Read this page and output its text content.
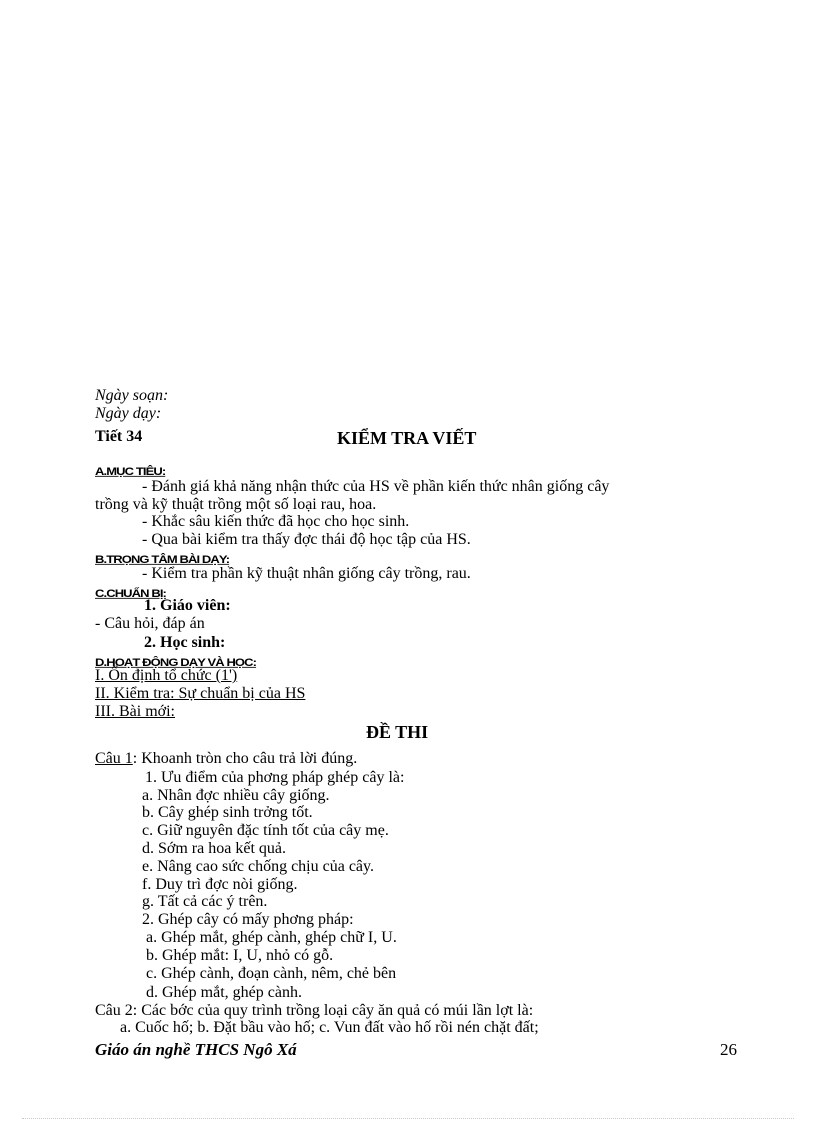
Ngày soạn:
Ngày dạy:
Tiết 34	KIỂM TRA VIẾT
A.MỤC TIÊU:
- Đánh giá khả năng nhận thức của HS về phần kiến thức nhân giống cây
trồng và kỹ thuật trồng một số loại rau, hoa.
- Khắc sâu kiến thức đã học cho học sinh.
- Qua bài kiểm tra thấy đợc thái độ học tập của HS.
B.TRỌNG TÂM BÀI DẠY:
- Kiểm tra phần kỹ thuật nhân giống cây trồng, rau.
C.CHUẨN BỊ:
1. Giáo viên:
- Câu hỏi, đáp án
2. Học sinh:
D.HOẠT ĐỘNG DẠY VÀ HỌC:
I. Ổn định tổ chức (1')
II. Kiểm tra: Sự chuẩn bị của HS
III. Bài mới:
ĐỀ THI
Câu 1: Khoanh tròn cho câu trả lời đúng.
1. Ưu điểm của phơng pháp ghép cây là:
a. Nhân đợc nhiều cây giống.
b. Cây ghép sinh trởng tốt.
c. Giữ nguyên đặc tính tốt của cây mẹ.
d. Sớm ra hoa kết quả.
e. Nâng cao sức chống chịu của cây.
f. Duy trì đợc nòi giống.
g. Tất cả các ý trên.
2. Ghép cây có mấy phơng pháp:
a. Ghép mắt, ghép cành, ghép chữ I, U.
b. Ghép mắt: I, U, nhỏ có gỗ.
c. Ghép cành, đoạn cành, nêm, chẻ bên
d. Ghép mắt, ghép cành.
Câu 2: Các bớc của quy trình trồng loại cây ăn quả có múi lần lợt là:
a. Cuốc hố; b. Đặt bầu vào hố; c. Vun đất vào hố rồi nén chặt đất;
Giáo án nghề THCS Ngô Xá	26
